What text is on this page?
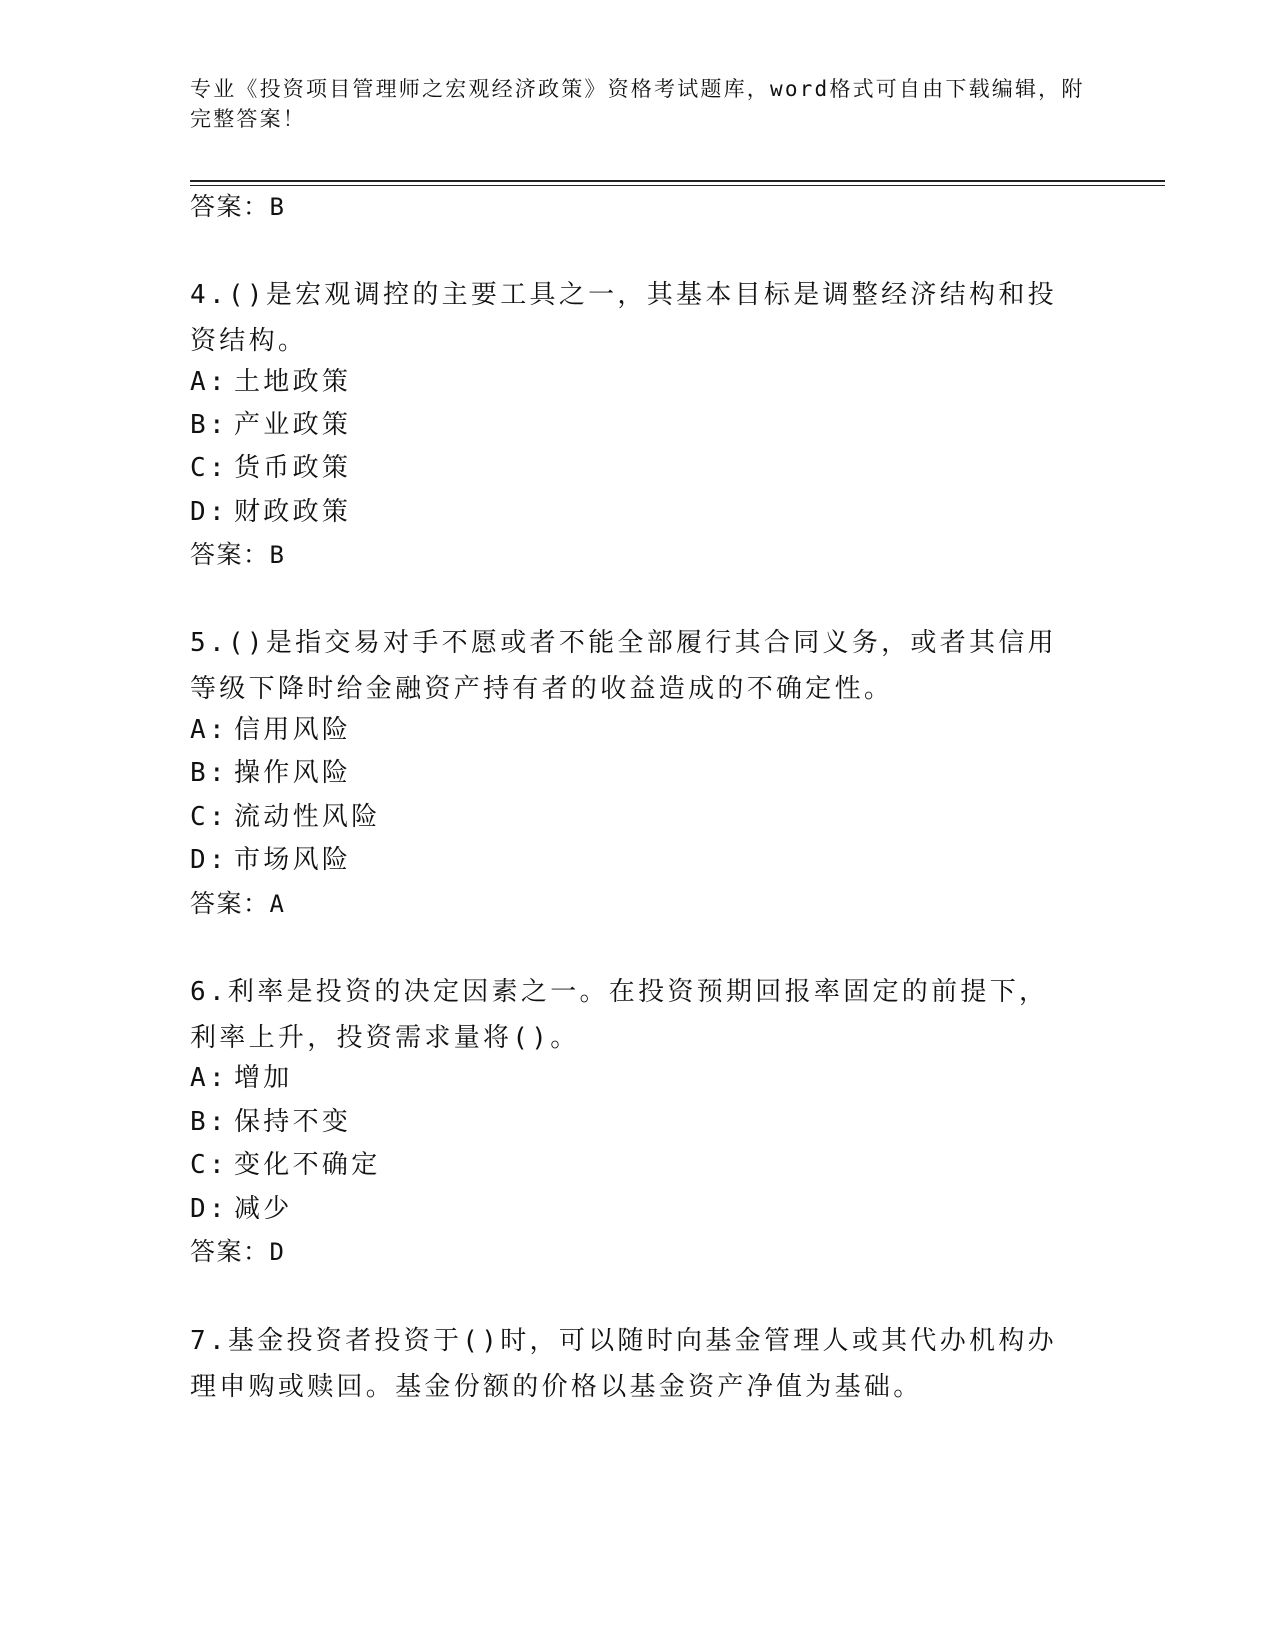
专业《投资项目管理师之宏观经济政策》资格考试题库，word格式可自由下载编辑，附完整答案！
答案：B
4.()是宏观调控的主要工具之一，其基本目标是调整经济结构和投资结构。
A: 土地政策
B: 产业政策
C: 货币政策
D: 财政政策
答案：B
5.()是指交易对手不愿或者不能全部履行其合同义务，或者其信用等级下降时给金融资产持有者的收益造成的不确定性。
A: 信用风险
B: 操作风险
C: 流动性风险
D: 市场风险
答案：A
6.利率是投资的决定因素之一。在投资预期回报率固定的前提下，利率上升，投资需求量将()。
A: 增加
B: 保持不变
C: 变化不确定
D: 减少
答案：D
7.基金投资者投资于()时，可以随时向基金管理人或其代办机构办理申购或赎回。基金份额的价格以基金资产净值为基础。
